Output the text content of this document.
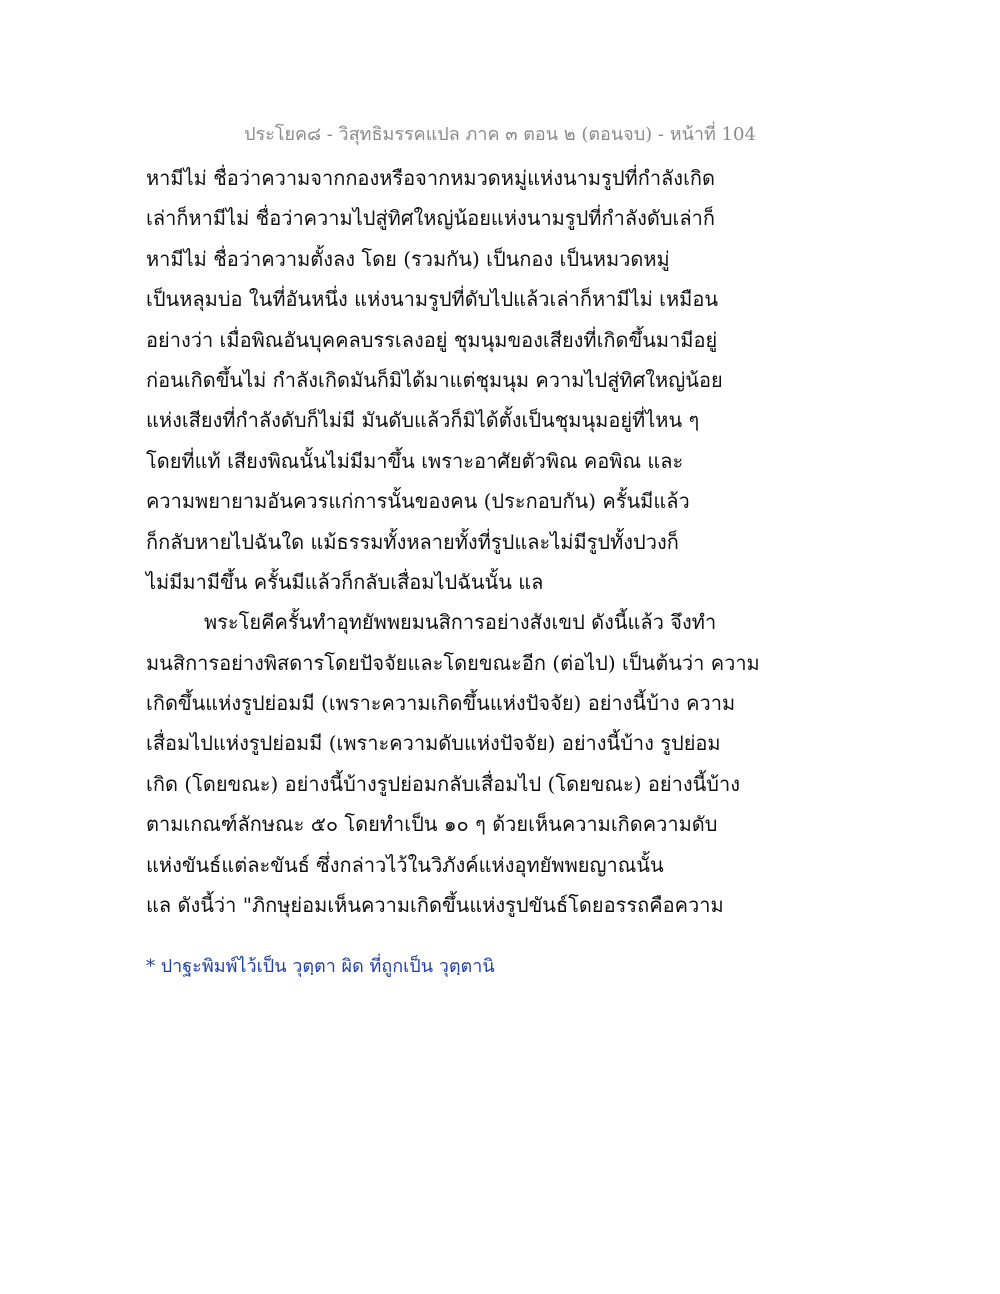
ประโยค๘ - วิสุทธิมรรคแปล ภาค ๓ ตอน ๒ (ตอนจบ) - หน้าที่ 104
หามีไม่ ชื่อว่าความจากกองหรือจากหมวดหมู่แห่งนามรูปที่กำลังเกิด
เล่าก็หามีไม่ ชื่อว่าความไปสู่ทิศใหญ่น้อยแห่งนามรูปที่กำลังดับเล่าก็
หามีไม่ ชื่อว่าความตั้งลง โดย (รวมกัน) เป็นกอง เป็นหมวดหมู่
เป็นหลุมบ่อ ในที่อันหนึ่ง แห่งนามรูปที่ดับไปแล้วเล่าก็หามีไม่ เหมือน
อย่างว่า เมื่อพิณอันบุคคลบรรเลงอยู่ ชุมนุมของเสียงที่เกิดขึ้นมามีอยู่
ก่อนเกิดขึ้นไม่ กำลังเกิดมันก็มิได้มาแต่ชุมนุม ความไปสู่ทิศใหญ่น้อย
แห่งเสียงที่กำลังดับก็ไม่มี มันดับแล้วก็มิได้ตั้งเป็นชุมนุมอยู่ที่ไหน ๆ
โดยที่แท้ เสียงพิณนั้นไม่มีมาขึ้น เพราะอาศัยตัวพิณ คอพิณ และ
ความพยายามอันควรแก่การนั้นของคน (ประกอบกัน) ครั้นมีแล้ว
ก็กลับหายไปฉันใด แม้ธรรมทั้งหลายทั้งที่รูปและไม่มีรูปทั้งปวงก็
ไม่มีมามีขึ้น ครั้นมีแล้วก็กลับเสื่อมไปฉันนั้น แล
พระโยคีครั้นทำอุทยัพพยมนสิการอย่างสังเขป ดังนี้แล้ว จึงทำ
มนสิการอย่างพิสดารโดยปัจจัยและโดยขณะอีก (ต่อไป) เป็นต้นว่า ความ
เกิดขึ้นแห่งรูปย่อมมี (เพราะความเกิดขึ้นแห่งปัจจัย) อย่างนี้บ้าง ความ
เสื่อมไปแห่งรูปย่อมมี (เพราะความดับแห่งปัจจัย) อย่างนี้บ้าง รูปย่อม
เกิด (โดยขณะ) อย่างนี้บ้างรูปย่อมกลับเสื่อมไป (โดยขณะ) อย่างนี้บ้าง
ตามเกณฑ์ลักษณะ ๕๐ โดยทำเป็น ๑๐ ๆ ด้วยเห็นความเกิดความดับ
แห่งขันธ์แต่ละขันธ์ ซึ่งกล่าวไว้ในวิภังค์แห่งอุทยัพพยญาณนั้น
แล ดังนี้ว่า "ภิกษุย่อมเห็นความเกิดขึ้นแห่งรูปขันธ์โดยอรรถคือความ
* ปาฐะพิมพ์ไว้เป็น วุตฺตา ผิด ที่ถูกเป็น วุตฺตานิ
